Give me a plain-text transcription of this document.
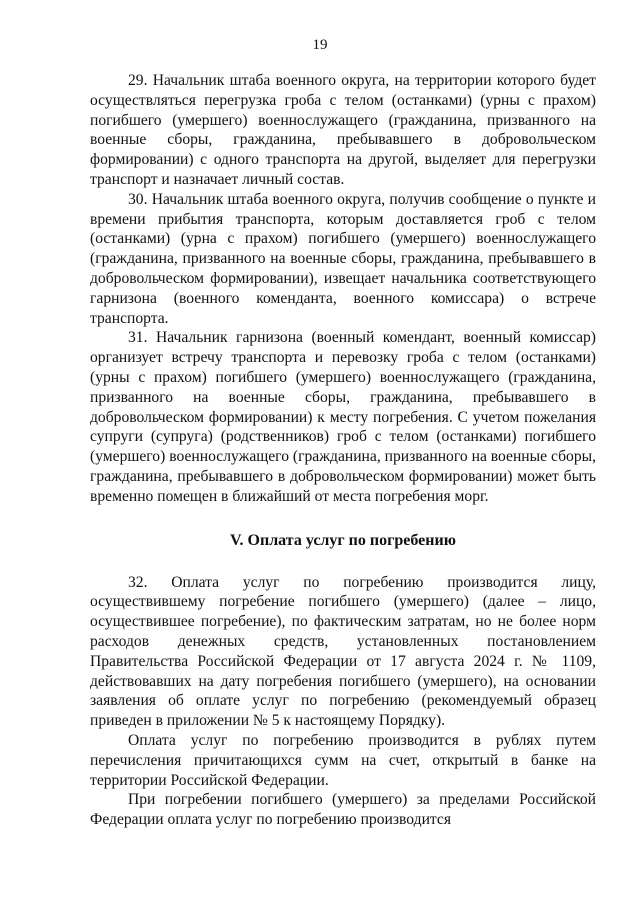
19

29. Начальник штаба военного округа, на территории которого будет осуществляться перегрузка гроба с телом (останками) (урны с прахом) погибшего (умершего) военнослужащего (гражданина, призванного на военные сборы, гражданина, пребывавшего в добровольческом формировании) с одного транспорта на другой, выделяет для перегрузки транспорт и назначает личный состав.

30. Начальник штаба военного округа, получив сообщение о пункте и времени прибытия транспорта, которым доставляется гроб с телом (останками) (урна с прахом) погибшего (умершего) военнослужащего (гражданина, призванного на военные сборы, гражданина, пребывавшего в добровольческом формировании), извещает начальника соответствующего гарнизона (военного коменданта, военного комиссара) о встрече транспорта.

31. Начальник гарнизона (военный комендант, военный комиссар) организует встречу транспорта и перевозку гроба с телом (останками) (урны с прахом) погибшего (умершего) военнослужащего (гражданина, призванного на военные сборы, гражданина, пребывавшего в добровольческом формировании) к месту погребения. С учетом пожелания супруги (супруга) (родственников) гроб с телом (останками) погибшего (умершего) военнослужащего (гражданина, призванного на военные сборы, гражданина, пребывавшего в добровольческом формировании) может быть временно помещен в ближайший от места погребения морг.

V. Оплата услуг по погребению

32. Оплата услуг по погребению производится лицу, осуществившему погребение погибшего (умершего) (далее – лицо, осуществившее погребение), по фактическим затратам, но не более норм расходов денежных средств, установленных постановлением Правительства Российской Федерации от 17 августа 2024 г. № 1109, действовавших на дату погребения погибшего (умершего), на основании заявления об оплате услуг по погребению (рекомендуемый образец приведен в приложении № 5 к настоящему Порядку).

Оплата услуг по погребению производится в рублях путем перечисления причитающихся сумм на счет, открытый в банке на территории Российской Федерации.

При погребении погибшего (умершего) за пределами Российской Федерации оплата услуг по погребению производится
